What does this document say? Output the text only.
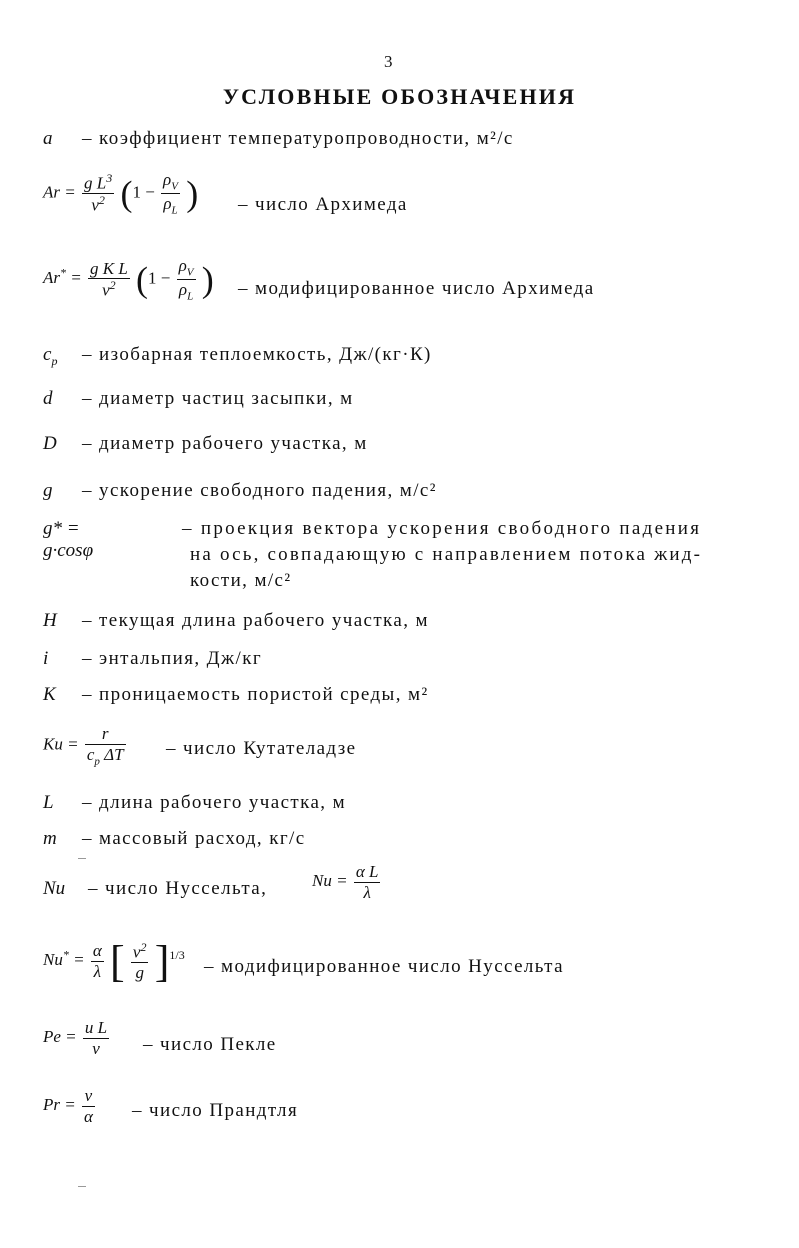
3
УСЛОВНЫЕ ОБОЗНАЧЕНИЯ
a – коэффициент температуропроводности, м²/с
$Ar = \frac{g L^3}{\nu^2} (1 - \frac{\rho_V}{\rho_L}$ ) – число Архимеда
$Ar^* = \frac{\text{g K L}}{\nu^2} (1 - \frac{\rho_V}{\rho_L}$ ) – модифицированное число Архимеда
$c_p$ – изобарная теплоемкость, Дж/(кг·К)
d – диаметр частиц засыпки, м
D – диаметр рабочего участка, м
g – ускорение свободного падения, м/с²
g* = g·cosφ
– проекция вектора ускорения свободного падения
на ось, совпадающую с направлением потока жид-
кости, м/с²
H – текущая длина рабочего участка, м
i – энтальпия, Дж/кг
K – проницаемость пористой среды, м²
$Ku = \frac{r}{c_p \Delta T}$ – число Кутателадзе
L – длина рабочего участка, м
m – массовый расход, кг/с
Nu – число Нуссельта,	$Nu = \frac{\text{α L}}{\lambda}$
$Nu^* = \frac{\alpha}{\lambda}$ [ $\frac{\nu^2}{g} ]^{1/3}$
– модифицированное число Нуссельта
$Pe = \frac{\text{u L}}{\nu}$ – число Пекле
$Pr = \frac{\nu}{\alpha}$ – число Прандтля
